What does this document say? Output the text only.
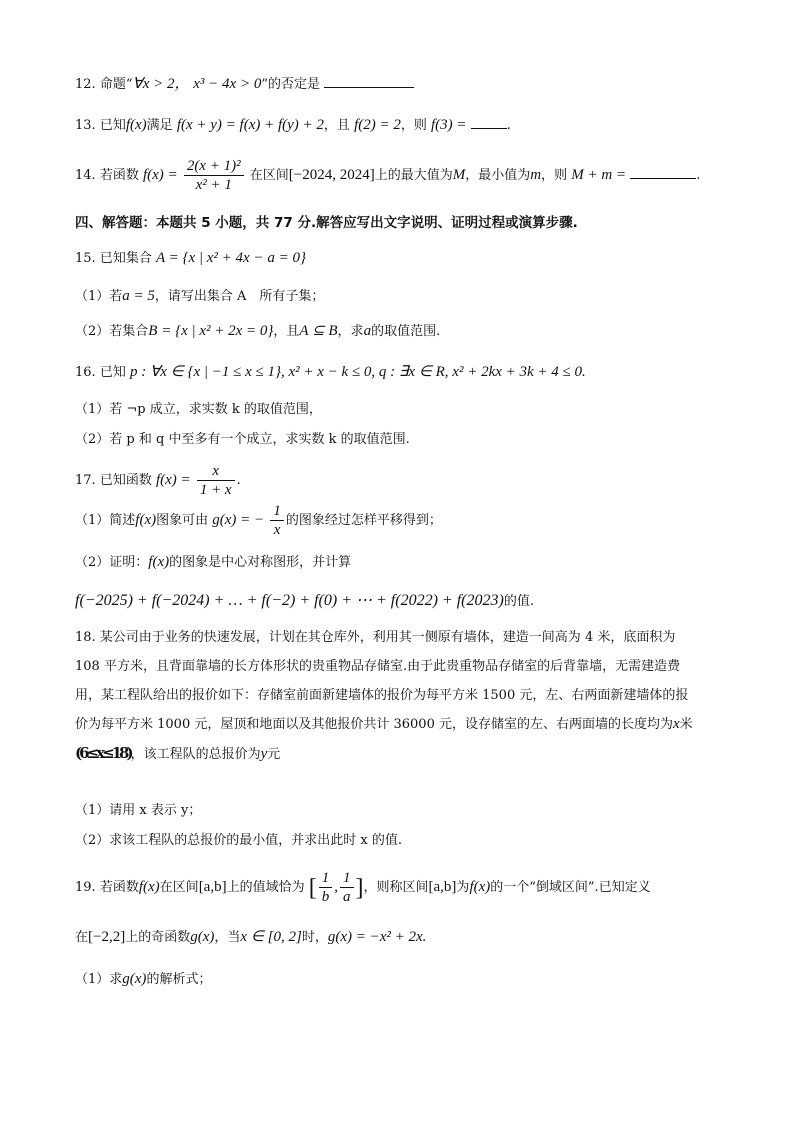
12. 命题“∀x > 2， x³ − 4x > 0”的否定是
13. 已知f(x)满足 f(x + y) = f(x) + f(y) + 2，且 f(2) = 2，则 f(3) =	.
14. 若函数 $f(x) = \frac{\text{2(x + 1)²}}{\text{x² + 1}}$ 在区间[−2024, 2024]上的最大值为M，最小值为m，则 M + m =	.
四、解答题：本题共 5 小题，共 77 分.解答应写出文字说明、证明过程或演算步骤.
15. 已知集合 A = {x | x² + 4x − a = 0}
（1）若a = 5，请写出集合 A　所有子集；
（2）若集合B = {x | x² + 2x = 0}，且A ⊆ B，求a的取值范围.
16. 已知 p : ∀x ∈ {x | −1 ≤ x ≤ 1}, x² + x − k ≤ 0, q : ∃x ∈ R, x² + 2kx + 3k + 4 ≤ 0.
（1）若 ¬p 成立，求实数 k 的取值范围，
（2）若 p 和 q 中至多有一个成立，求实数 k 的取值范围.
17. 已知函数 $f(x) = \frac{x}{1 + x}$ .
（1）简述f(x)图象可由 g(x) = − $\frac{1}{x}$ 的图象经过怎样平移得到；
（2）证明：f(x)的图象是中心对称图形，并计算
f(−2025) + f(−2024) + … + f(−2) + f(0) + ⋯ + f(2022) + f(2023)的值.

18. 某公司由于业务的快速发展，计划在其仓库外，利用其一侧原有墙体，建造一间高为 4 米，底面积为

108 平方米，且背面靠墙的长方体形状的贵重物品存储室.由于此贵重物品存储室的后背靠墙，无需建造费

用，某工程队给出的报价如下：存储室前面新建墙体的报价为每平方米 1500 元，左、右两面新建墙体的报

价为每平方米 1000 元，屋顶和地面以及其他报价共计 36000 元，设存储室的左、右两面墙的长度均为x米

(6≤x≤18)，该工程队的总报价为y元

（1）请用 x 表示 y；
（2）求该工程队的总报价的最小值，并求出此时 x 的值.
19. 若函数f(x)在区间[a,b]上的值域恰为 [ $\frac{1}{b}$ , $\frac{1}{a}$ ]，则称区间[a,b]为f(x)的一个“倒域区间”.已知定义
在[−2,2]上的奇函数g(x)，当x ∈ [0, 2]时，g(x) = −x² + 2x.
（1）求g(x)的解析式；
